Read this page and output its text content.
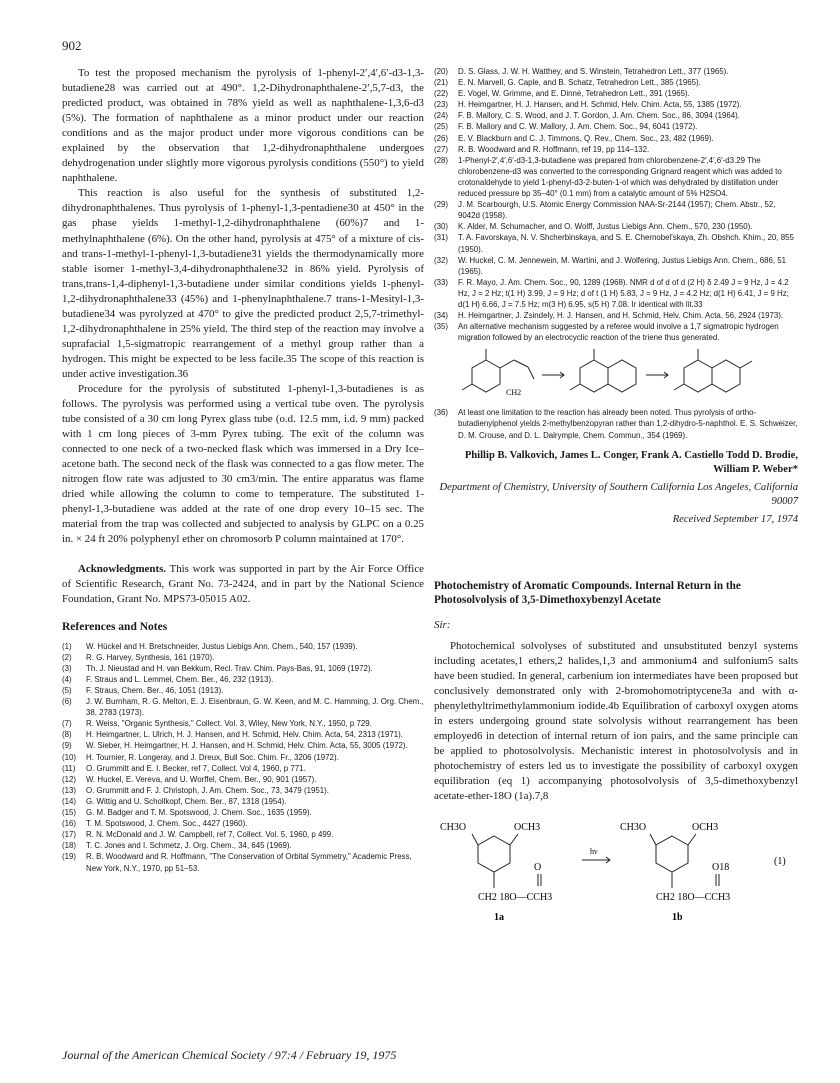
902

To test the proposed mechanism the pyrolysis of 1-phenyl-2′,4′,6′-d3-1,3-butadiene28 was carried out at 490°. 1,2-Dihydronaphthalene-2′,5,7-d3, the predicted product, was obtained in 78% yield as well as naphthalene-1,3,6-d3 (5%). The formation of naphthalene as a minor product under our reaction conditions and as the major product under more vigorous conditions can be explained by the observation that 1,2-dihydronaphthalene undergoes dehydrogenation under slightly more vigorous pyrolysis conditions (550°) to yield naphthalene.

This reaction is also useful for the synthesis of substituted 1,2-dihydronaphthalenes. Thus pyrolysis of 1-phenyl-1,3-pentadiene30 at 450° in the gas phase yields 1-methyl-1,2-dihydronaphthalene (60%)7 and 1-methylnaphthalene (6%). On the other hand, pyrolysis at 475° of a mixture of cis- and trans-1-methyl-1-phenyl-1,3-butadiene31 yields the thermodynamically more stable isomer 1-methyl-3,4-dihydronaphthalene32 in 86% yield. Pyrolysis of trans,trans-1,4-diphenyl-1,3-butadiene under similar conditions yields 1-phenyl-1,2-dihydronaphthalene33 (45%) and 1-phenylnaphthalene.7 trans-1-Mesityl-1,3-butadiene34 was pyrolyzed at 470° to give the predicted product 2,5,7-trimethyl-1,2-dihydronaphthalene in 25% yield. The third step of the reaction may involve a suprafacial 1,5-sigmatropic rearrangement of a methyl group rather than a hydrogen. This might be expected to be less facile.35 The scope of this reaction is under active investigation.36

Procedure for the pyrolysis of substituted 1-phenyl-1,3-butadienes is as follows. The pyrolysis was performed using a vertical tube oven. The pyrolysis tube consisted of a 30 cm long Pyrex glass tube (o.d. 12.5 mm, i.d. 9 mm) packed with 1 cm long pieces of 3-mm Pyrex tubing. The exit of the column was connected to one neck of a two-necked flask which was immersed in a Dry Ice–acetone bath. The second neck of the flask was connected to a gas flow meter. The nitrogen flow rate was adjusted to 30 cm3/min. The entire apparatus was flame dried while allowing the column to come to temperature. The substituted 1-phenyl-1,3-butadiene was added at the rate of one drop every 10–15 sec. The material from the trap was collected and subjected to analysis by GLPC on a 0.25 in. × 24 ft 20% polyphenyl ether on chromosorb P column maintained at 170°.

Acknowledgments. This work was supported in part by the Air Force Office of Scientific Research, Grant No. 73-2424, and in part by the National Science Foundation, Grant No. MPS73-05015 A02.

References and Notes
(1)	W. Hückel and H. Bretschneider, Justus Liebigs Ann. Chem., 540, 157 (1939).
(2)	R. G. Harvey, Synthesis, 161 (1970).
(3)	Th. J. Nieustad and H. van Bekkum, Recl. Trav. Chim. Pays-Bas, 91, 1069 (1972).
(4)	F. Straus and L. Lemmel, Chem. Ber., 46, 232 (1913).
(5)	F. Straus, Chem. Ber., 46, 1051 (1913).
(6)	J. W. Burnham, R. G. Melton, E. J. Eisenbraun, G. W. Keen, and M. C. Hamming, J. Org. Chem., 38, 2783 (1973).
(7)	R. Weiss, "Organic Synthesis," Collect. Vol. 3, Wiley, New York, N.Y., 1950, p 729.
(8)	H. Heimgartner, L. Ulrich, H. J. Hansen, and H. Schmid, Helv. Chim. Acta, 54, 2313 (1971).
(9)	W. Sieber, H. Heimgartner, H. J. Hansen, and H. Schmid, Helv. Chim. Acta, 55, 3005 (1972).
(10)	H. Tournier, R. Longeray, and J. Dreux, Bull Soc. Chim. Fr., 3206 (1972).
(11)	O. Grummitt and E. I. Becker, ref 7, Collect. Vol 4, 1960, p 771.
(12)	W. Huckel, E. Vereva, and U. Worffel, Chem. Ber., 90, 901 (1957).
(13)	O. Grummitt and F. J. Christoph, J. Am. Chem. Soc., 73, 3479 (1951).
(14)	G. Wittig and U. Schollkopf, Chem. Ber., 87, 1318 (1954).
(15)	G. M. Badger and T. M. Spotswood, J. Chem. Soc., 1635 (1959).
(16)	T. M. Spotswood, J. Chem. Soc., 4427 (1960).
(17)	R. N. McDonald and J. W. Campbell, ref 7, Collect. Vol. 5, 1960, p 499.
(18)	T. C. Jones and I. Schmetz, J. Org. Chem., 34, 645 (1969).
(19)	R. B. Woodward and R. Hoffmann, "The Conservation of Orbital Symmetry," Academic Press, New York, N.Y., 1970, pp 51–53.
(20)	D. S. Glass, J. W. H. Watthey, and S. Winstein, Tetrahedron Lett., 377 (1965).
(21)	E. N. Marvell, G. Caple, and B. Schatz, Tetrahedron Lett., 385 (1965).
(22)	E. Vogel, W. Grimme, and E. Dinnė, Tetrahedron Lett., 391 (1965).
(23)	H. Heimgartner, H. J. Hansen, and H. Schmid, Helv. Chim. Acta, 55, 1385 (1972).
(24)	F. B. Mallory, C. S. Wood, and J. T. Gordon, J. Am. Chem. Soc., 86, 3094 (1964).
(25)	F. B. Mallory and C. W. Mallory, J. Am. Chem. Soc., 94, 6041 (1972).
(26)	E. V. Blackburn and C. J. Timmons, Q. Rev., Chem. Soc., 23, 482 (1969).
(27)	R. B. Woodward and R. Hoffmann, ref 19, pp 114–132.
(28)	1-Phenyl-2′,4′,6′-d3-1,3-butadiene was prepared from chlorobenzene-2′,4′,6′-d3.29 The chlorobenzene-d3 was converted to the corresponding Grignard reagent which was added to crotonaldehyde to yield 1-phenyl-d3-2-buten-1-ol which was dehydrated by distillation under reduced pressure bp 35–40° (0.1 mm) from a catalytic amount of 5% H2SO4.
(29)	J. M. Scarbourgh, U.S. Atomic Energy Commission NAA-Sr-2144 (1957); Chem. Abstr., 52, 9042d (1958).
(30)	K. Alder, M. Schumacher, and O. Wolff, Justus Liebigs Ann. Chem., 570, 230 (1950).
(31)	T. A. Favorskaya, N. V. Shcherbinskaya, and S. E. Chernobel'skaya, Zh. Obshch. Khim., 20, 855 (1950).
(32)	W. Huckel, C. M. Jennewein, M. Wartini, and J. Wolfering, Justus Liebigs Ann. Chem., 686, 51 (1965).
(33)	F. R. Mayo, J. Am. Chem. Soc., 90, 1289 (1968). NMR d of d of d (2 H) δ 2.49 J = 9 Hz, J = 4.2 Hz, J = 2 Hz; t(1 H) 3.99, J = 9 Hz; d of t (1 H) 5.83, J = 9 Hz, J = 4.2 Hz; d(1 H) 6.41, J = 9 Hz; d(1 H) 6.66, J = 7.5 Hz; m(3 H) 6.95, s(5 H) 7.08. Ir identical with lit.33
(34)	H. Heimgartner, J. Zsindely, H. J. Hansen, and H. Schmid, Helv. Chim. Acta, 56, 2924 (1973).
(35)	An alternative mechanism suggested by a referee would involve a 1,7 sigmatropic hydrogen migration followed by an electrocyclic reaction of the triene thus generated.
CH2
(36)	At least one limitation to the reaction has already been noted. Thus pyrolysis of ortho-butadienylphenol yields 2-methylbenzopyran rather than 1,2-dihydro-5-naphthol. E. S. Schweizer, D. M. Crouse, and D. L. Dalrymple, Chem. Commun., 354 (1969).
Phillip B. Valkovich, James L. Conger, Frank A. Castiello Todd D. Brodie, William P. Weber*
Department of Chemistry, University of Southern California Los Angeles, California 90007
Received September 17, 1974
Photochemistry of Aromatic Compounds. Internal Return in the Photosolvolysis of 3,5-Dimethoxybenzyl Acetate
Sir:

Photochemical solvolyses of substituted and unsubstituted benzyl systems including acetates,1 ethers,2 halides,1,3 and ammonium4 and sulfonium5 salts have been studied. In general, carbenium ion intermediates have been proposed but conclusively demonstrated only with 2-bromohomotriptycene3a and with α-phenylethyltrimethylammonium iodide.4b Equilibration of carboxyl oxygen atoms in esters undergoing ground state solvolysis without rearrangement has been employed6 in detection of internal return of ion pairs, and the same principle can be applied to photosolvolysis. Mechanistic interest in photosolvolysis and in photochemistry of esters led us to investigate the possibility of carboxyl oxygen equilibration (eq 1) accompanying photosolvolysis of 3,5-dimethoxybenzyl acetate-ether-18O (1a).7,8

CH3O	OCH3
O
CH2 18O—CCH3
1a
hν
CH3O	OCH3
O18
CH2 18O—CCH3
1b
(1)
Journal of the American Chemical Society / 97:4 / February 19, 1975
